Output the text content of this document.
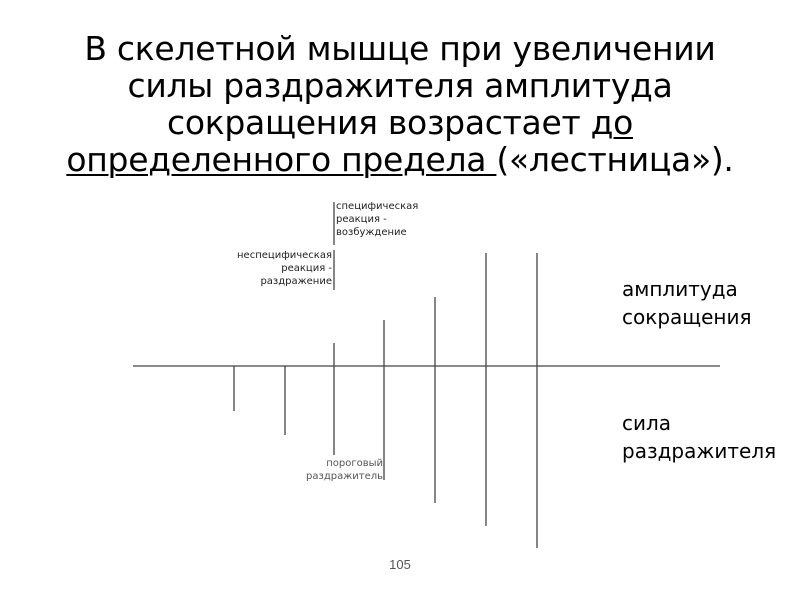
В скелетной мышце при увеличении
силы раздражителя амплитуда
сокращения возрастает до
определенного предела («лестница»).
специфическая
реакция -
возбуждение
неспецифическая
реакция -
раздражение
пороговый
раздражитель
амплитуда
сокращения
сила
раздражителя
105
